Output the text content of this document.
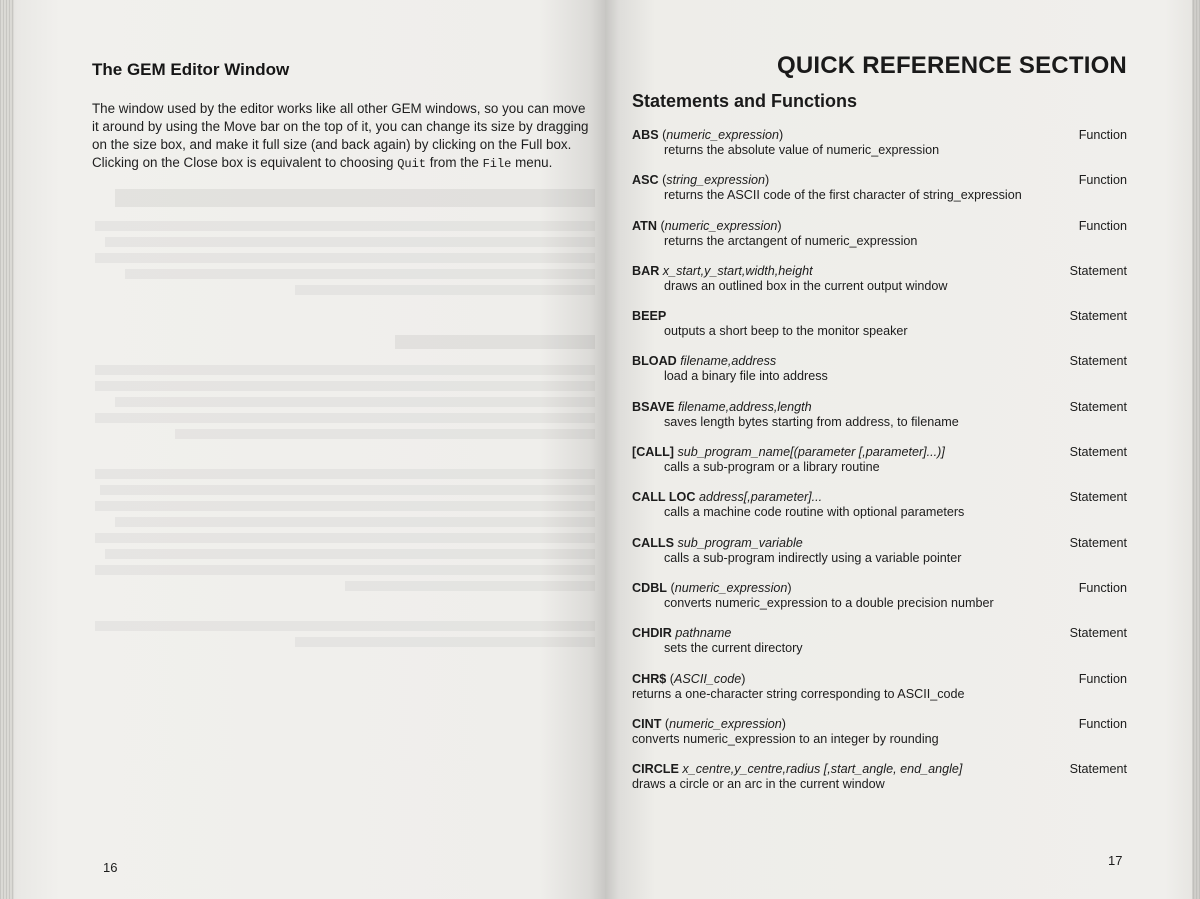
The GEM Editor Window

The window used by the editor works like all other GEM windows, so you can move it around by using the Move bar on the top of it, you can change its size by dragging on the size box, and make it full size (and back again) by clicking on the Full box. Clicking on the Close box is equivalent to choosing Quit from the File menu.

16
QUICK REFERENCE SECTION
Statements and Functions
ABS (numeric_expression)	Function
returns the absolute value of numeric_expression
ASC (string_expression)	Function
returns the ASCII code of the first character of string_expression
ATN (numeric_expression)	Function
returns the arctangent of numeric_expression
BAR x_start,y_start,width,height	Statement
draws an outlined box in the current output window
BEEP	Statement
outputs a short beep to the monitor speaker
BLOAD filename,address	Statement
load a binary file into address
BSAVE filename,address,length	Statement
saves length bytes starting from address, to filename
[CALL] sub_program_name[(parameter [,parameter]...)]	Statement
calls a sub-program or a library routine
CALL LOC address[,parameter]...	Statement
calls a machine code routine with optional parameters
CALLS sub_program_variable	Statement
calls a sub-program indirectly using a variable pointer
CDBL (numeric_expression)	Function
converts numeric_expression to a double precision number
CHDIR pathname	Statement
sets the current directory
CHR$ (ASCII_code)	Function
returns a one-character string corresponding to ASCII_code
CINT (numeric_expression)	Function
converts numeric_expression to an integer by rounding
CIRCLE x_centre,y_centre,radius [,start_angle, end_angle]	Statement
draws a circle or an arc in the current window
17
